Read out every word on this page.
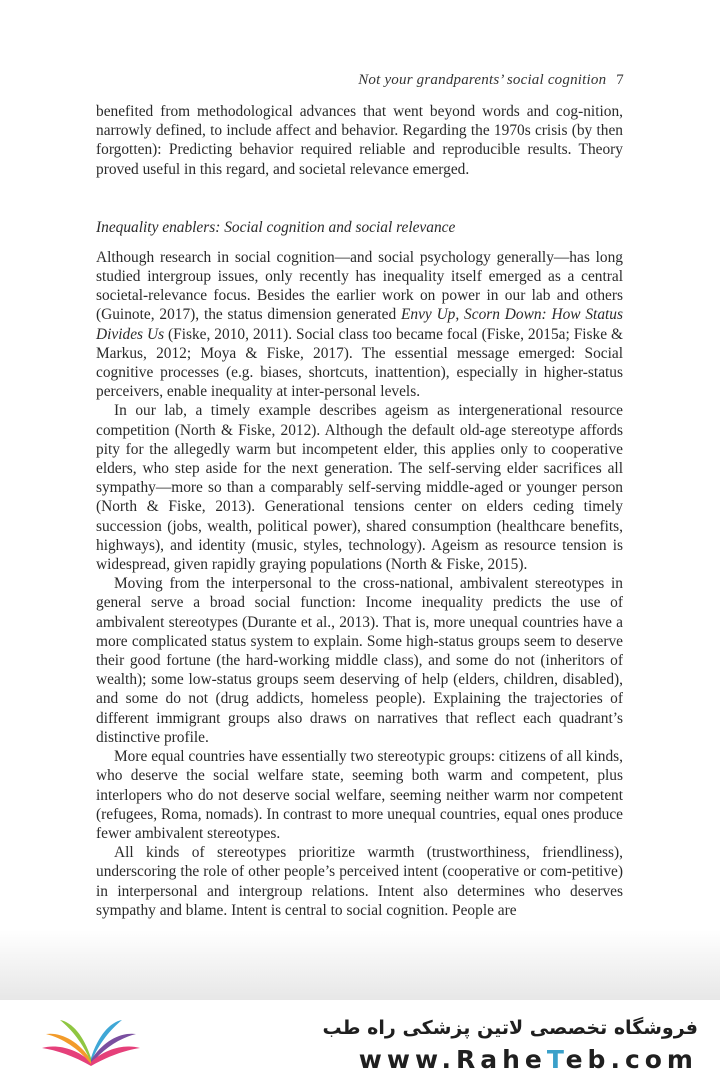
Not your grandparents’ social cognition 7

benefited from methodological advances that went beyond words and cog-nition, narrowly defined, to include affect and behavior. Regarding the 1970s crisis (by then forgotten): Predicting behavior required reliable and reproducible results. Theory proved useful in this regard, and societal relevance emerged.

Inequality enablers: Social cognition and social relevance

Although research in social cognition—and social psychology generally—has long studied intergroup issues, only recently has inequality itself emerged as a central societal-relevance focus. Besides the earlier work on power in our lab and others (Guinote, 2017), the status dimension generated Envy Up, Scorn Down: How Status Divides Us (Fiske, 2010, 2011). Social class too became focal (Fiske, 2015a; Fiske & Markus, 2012; Moya & Fiske, 2017). The essential message emerged: Social cognitive processes (e.g. biases, shortcuts, inattention), especially in higher-status perceivers, enable inequality at inter-personal levels.

In our lab, a timely example describes ageism as intergenerational resource competition (North & Fiske, 2012). Although the default old-age stereotype affords pity for the allegedly warm but incompetent elder, this applies only to cooperative elders, who step aside for the next generation. The self-serving elder sacrifices all sympathy—more so than a comparably self-serving middle-aged or younger person (North & Fiske, 2013). Generational tensions center on elders ceding timely succession (jobs, wealth, political power), shared consumption (healthcare benefits, highways), and identity (music, styles, technology). Ageism as resource tension is widespread, given rapidly graying populations (North & Fiske, 2015).

Moving from the interpersonal to the cross-national, ambivalent stereotypes in general serve a broad social function: Income inequality predicts the use of ambivalent stereotypes (Durante et al., 2013). That is, more unequal countries have a more complicated status system to explain. Some high-status groups seem to deserve their good fortune (the hard-working middle class), and some do not (inheritors of wealth); some low-status groups seem deserving of help (elders, children, disabled), and some do not (drug addicts, homeless people). Explaining the trajectories of different immigrant groups also draws on narratives that reflect each quadrant’s distinctive profile.

More equal countries have essentially two stereotypic groups: citizens of all kinds, who deserve the social welfare state, seeming both warm and competent, plus interlopers who do not deserve social welfare, seeming neither warm nor competent (refugees, Roma, nomads). In contrast to more unequal countries, equal ones produce fewer ambivalent stereotypes.

All kinds of stereotypes prioritize warmth (trustworthiness, friendliness), underscoring the role of other people’s perceived intent (cooperative or com-petitive) in interpersonal and intergroup relations. Intent also determines who deserves sympathy and blame. Intent is central to social cognition. People are

فروشگاه تخصصی لاتین پزشکی راه طب
www.RaheTeb.com
